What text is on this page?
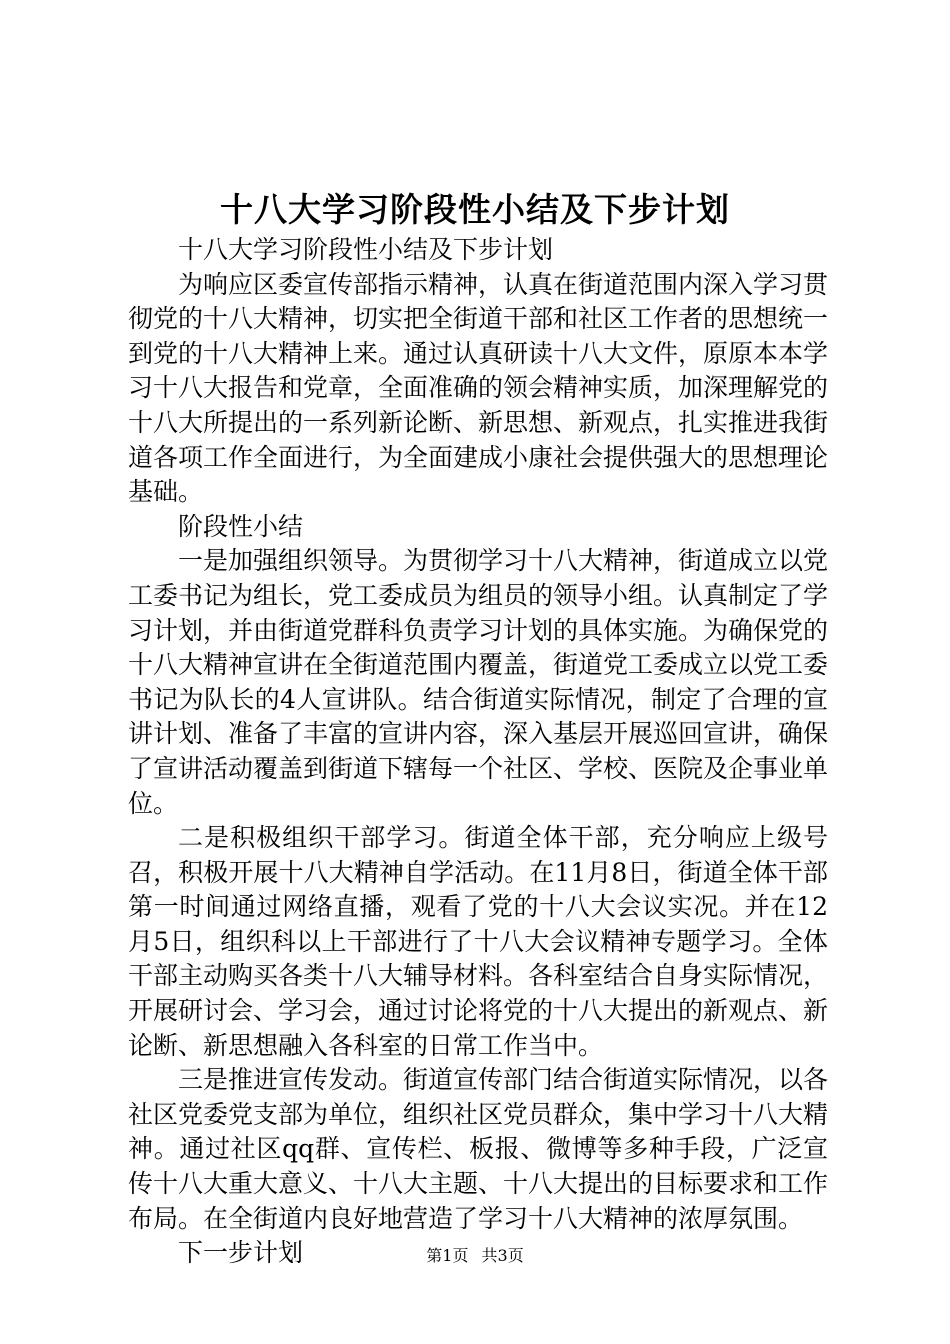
十八大学习阶段性小结及下步计划

十八大学习阶段性小结及下步计划

为响应区委宣传部指示精神，认真在街道范围内深入学习贯彻党的十八大精神，切实把全街道干部和社区工作者的思想统一到党的十八大精神上来。通过认真研读十八大文件，原原本本学习十八大报告和党章，全面准确的领会精神实质，加深理解党的十八大所提出的一系列新论断、新思想、新观点，扎实推进我街道各项工作全面进行，为全面建成小康社会提供强大的思想理论基础。

阶段性小结

一是加强组织领导。为贯彻学习十八大精神，街道成立以党工委书记为组长，党工委成员为组员的领导小组。认真制定了学习计划，并由街道党群科负责学习计划的具体实施。为确保党的十八大精神宣讲在全街道范围内覆盖，街道党工委成立以党工委书记为队长的4人宣讲队。结合街道实际情况，制定了合理的宣讲计划、准备了丰富的宣讲内容，深入基层开展巡回宣讲，确保了宣讲活动覆盖到街道下辖每一个社区、学校、医院及企事业单位。

二是积极组织干部学习。街道全体干部，充分响应上级号召，积极开展十八大精神自学活动。在11月8日，街道全体干部第一时间通过网络直播，观看了党的十八大会议实况。并在12月5日，组织科以上干部进行了十八大会议精神专题学习。全体干部主动购买各类十八大辅导材料。各科室结合自身实际情况，开展研讨会、学习会，通过讨论将党的十八大提出的新观点、新论断、新思想融入各科室的日常工作当中。

三是推进宣传发动。街道宣传部门结合街道实际情况，以各社区党委党支部为单位，组织社区党员群众，集中学习十八大精神。通过社区qq群、宣传栏、板报、微博等多种手段，广泛宣传十八大重大意义、十八大主题、十八大提出的目标要求和工作布局。在全街道内良好地营造了学习十八大精神的浓厚氛围。

下一步计划	第1页 共3页
